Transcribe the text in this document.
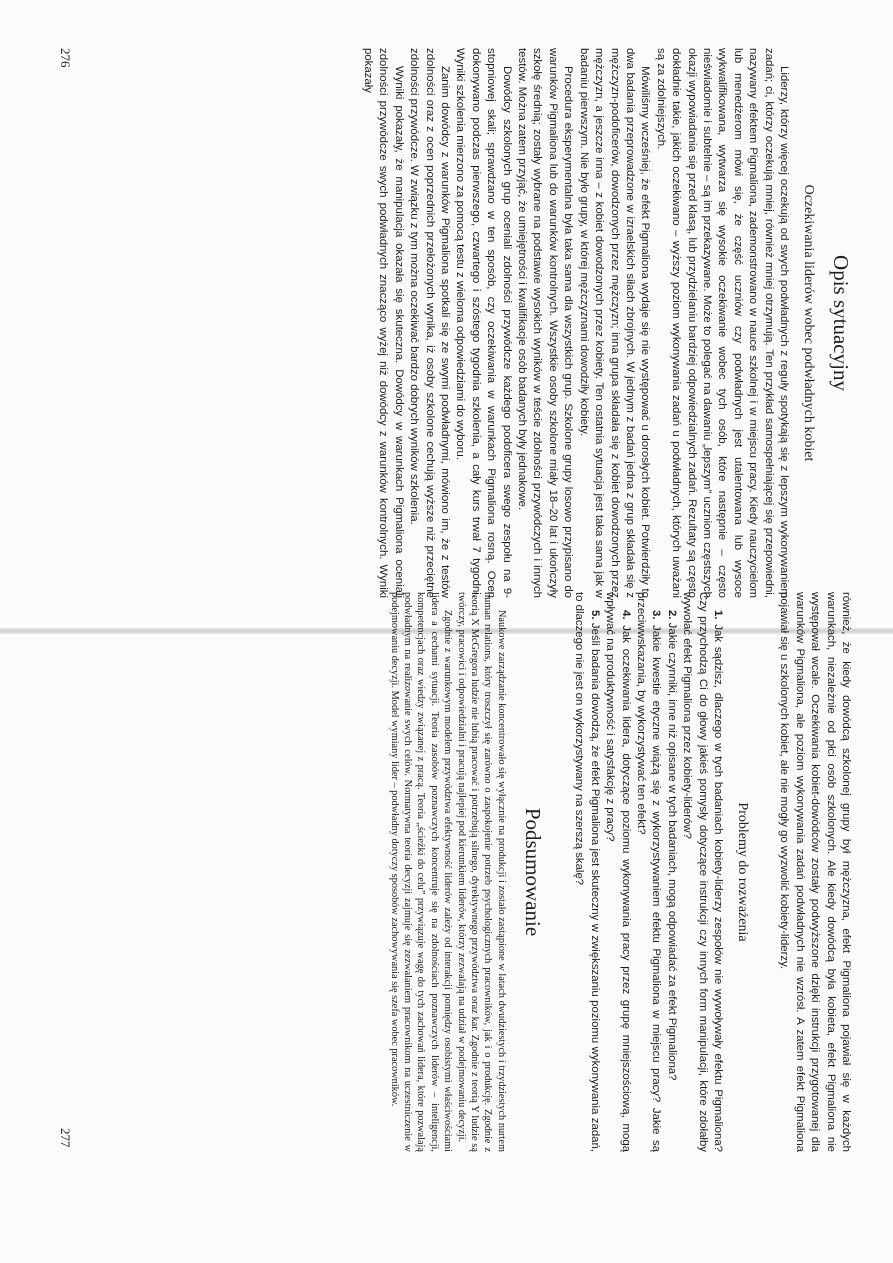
Opis sytuacyjny
Oczekiwania liderów wobec podwładnych kobiet

Liderzy, którzy więcej oczekują od swych podwładnych z reguły spotykają się z lepszym wykonywaniem zadań; ci, którzy oczekują mniej, również mniej otrzymują. Ten przykład samospełniającej się przepowiedni, nazywany efektem Pigmaliona, zademonstrowano w nauce szkolnej i w miejscu pracy. Kiedy nauczycielom lub menedżerom mówi się, że część uczniów czy podwładnych jest utalentowana lub wysoce wykwalifikowana, wytwarza się wysokie oczekiwanie wobec tych osób, które następnie – często nieświadomie i subtelnie – są im przekazywane. Może to polegać na dawaniu „lepszym” uczniom częstszych okazji wypowiadania się przed klasą, lub przydzielaniu bardziej odpowiedzialnych zadań. Rezultaty są często dokładnie takie, jakich oczekiwano – wyższy poziom wykonywania zadań u podwładnych, których uważani są za zdolniejszych.

Mówiliśmy wcześniej, że efekt Pigmaliona wydaje się nie występować u dorosłych kobiet. Potwierdziły to dwa badania przeprowadzone w izraelskich siłach zbrojnych. W jednym z badań jedna z grup składała się z mężczyzn-podoficerów, dowodzonych przez mężczyzn; inna grupa składała się z kobiet dowodzonych przez mężczyzn, a jeszcze inna – z kobiet dowodzonych przez kobiety. Ten ostatnia sytuacja jest taka sama jak w badaniu pierwszym. Nie było grupy, w której mężczyznami dowodziły kobiety.

Procedura eksperymentalna była taka sama dla wszystkich grup. Szkolone grupy losowo przypisano do warunków Pigmaliona lub do warunków kontrolnych. Wszystkie osoby szkolone miały 18–20 lat i ukończyły szkołę średnią; zostały wybrane na podstawie wysokich wyników w teście zdolności przywódczych i innych testów. Można zatem przyjąć, że umiejętności i kwalifikacje osób badanych były jednakowe.

Dowódcy szkolonych grup oceniali zdolności przywódcze każdego podoficera swego zespołu na 9-stopniowej skali; sprawdzano w ten sposób, czy oczekiwania w warunkach Pigmaliona rosną. Ocen dokonywano podczas pierwszego, czwartego i szóstego tygodnia szkolenia, a cały kurs trwał 7 tygodni. Wyniki szkolenia mierzono za pomocą testu z wieloma odpowiedziami do wyboru.

Zanim dowódcy z warunków Pigmaliona spotkali się ze swymi podwładnymi, mówiono im, że z testów zdolności oraz z ocen poprzednich przełożonych wynika, iż osoby szkolone cechują wyższe niż przeciętne zdolności przywódcze. W związku z tym można oczekiwać bardzo dobrych wyników szkolenia.

Wyniki pokazały, że manipulacja okazała się skuteczna. Dowódcy w warunkach Pigmaliona oceniali zdolności przywódcze swych podwładnych znacząco wyżej niż dowódcy z warunków kontrolnych. Wyniki pokazały

276

również, że kiedy dowódcą szkolonej grupy był mężczyzna, efekt Pigmaliona pojawiał się w każdych warunkach, niezależnie od płci osób szkolonych. Ale kiedy dowódcą była kobieta, efekt Pigmaliona nie występował wcale. Oczekiwania kobiet-dowódców zostały podwyższone dzięki instrukcji przygotowanej dla warunków Pigmaliona, ale poziom wykonywania zadań podwładnych nie wzrósł. A zatem efekt Pigmaliona pojawiał się u szkolonych kobiet, ale nie mogły go wyzwolić kobiety-liderzy.

Problemy do rozważenia

1. Jak sądzisz, dlaczego w tych badaniach kobiety-liderzy zespołów nie wywoływały efektu Pigmaliona? Czy przychodzą Ci do głowy jakieś pomysły dotyczące instrukcji czy innych form manipulacji, które zdołałby wywołać efekt Pigmaliona przez kobiety-liderów?

2. Jakie czynniki, inne niż opisane w tych badaniach, mogą odpowiadać za efekt Pigmaliona?

3. Jakie kwestie etyczne wiążą się z wykorzystywaniem efektu Pigmaliona w miejscu pracy? Jakie są przeciwwskazania, by wykorzystywać ten efekt?

4. Jak oczekiwania lidera, dotyczące poziomu wykonywania pracy przez grupę mniejszościową, mogą wpływać na produktywność i satysfakcję z pracy?

5. Jeśli badania dowodzą, że efekt Pigmaliona jest skuteczny w zwiększaniu poziomu wykonywania zadań, to dlaczego nie jest on wykorzystywany na szerszą skalę?

Podsumowanie

Naukowe zarządzanie koncentrowało się wyłącznie na produkcji i zostało zastąpione w latach dwudziestych i trzydziestych nurtem human relations, który troszczył się zarówno o zaspokojenie potrzeb psychologicznych pracowników, jak i o produkcję. Zgodnie z teorią X McGregora ludzie nie lubią pracować i potrzebują silnego, dyrektywnego przywództwa oraz kar. Zgodnie z teorią Y ludzie są twórczy, pracowici i odpowiedzialni i pracują najlepiej pod kierunkiem liderów, którzy zezwalają na udział w podejmowaniu decyzji.

Zgodnie z warunkowym modelem przywództwa efektywność liderów zależy od interakcji pomiędzy osobistymi właściwościami lidera a cechami sytuacji. Teoria zasobów poznawczych koncentruje się na zdolnościach poznawczych liderów – inteligencji, kompetencjach oraz wiedzy związanej z pracą. Teoria „ścieżki do celu” przywiązuje wagę do tych zachowań lidera, które pozwalają podwładnym na realizowanie swych celów. Normatywna teoria decyzji zajmuje się zezwalaniem pracownikom na uczestniczenie w podejmowaniu decyzji. Model wymiany lider – podwładny dotyczy sposobów zachowywania się szefa wobec pracowników.

277
